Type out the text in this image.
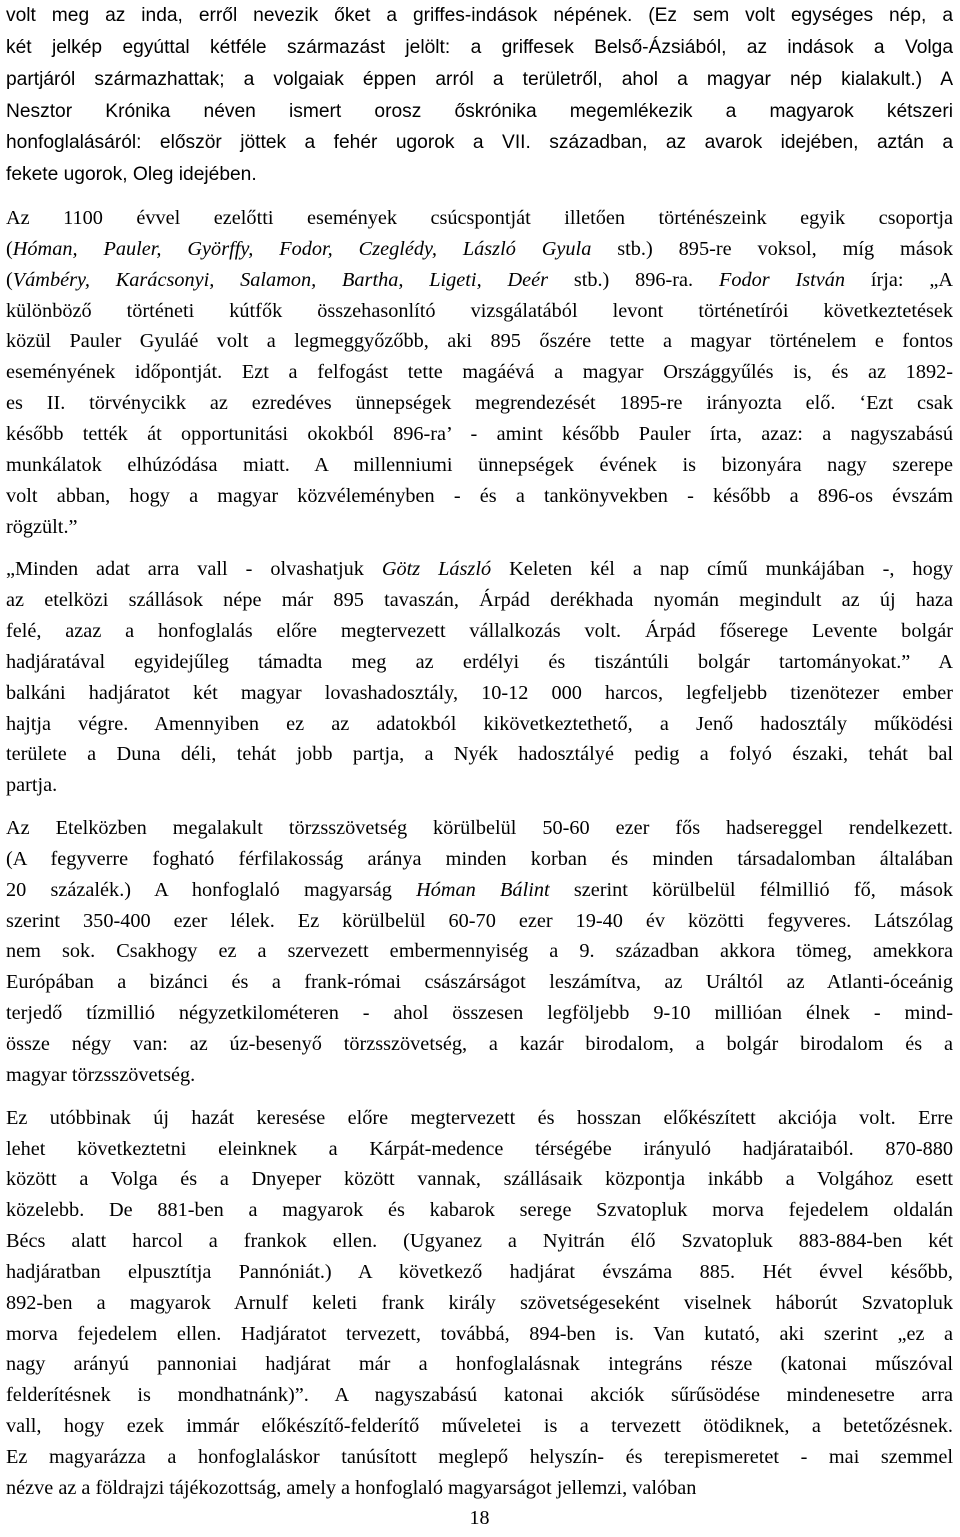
volt meg az inda, erről nevezik őket a griffes-indások népének. (Ez sem volt egységes nép, a
két jelkép egyúttal kétféle származást jelölt: a griffesek Belső-Ázsiából, az indások a Volga
partjáról származhattak; a volgaiak éppen arról a területről, ahol a magyar nép kialakult.) A
Nesztor Krónika néven ismert orosz őskrónika megemlékezik a magyarok kétszeri
honfoglalásáról: először jöttek a fehér ugorok a VII. században, az avarok idejében, aztán a
fekete ugorok, Oleg idejében.
Az 1100 évvel ezelőtti események csúcspontját illetően történészeink egyik csoportja
(Hóman, Pauler, Györffy, Fodor, Czeglédy, László Gyula stb.) 895-re voksol, míg mások
(Vámbéry, Karácsonyi, Salamon, Bartha, Ligeti, Deér stb.) 896-ra. Fodor István írja: „A
különböző történeti kútfők összehasonlító vizsgálatából levont történetírói következtetések
közül Pauler Gyuláé volt a legmeggyőzőbb, aki 895 őszére tette a magyar történelem e fontos
eseményének időpontját. Ezt a felfogást tette magáévá a magyar Országgyűlés is, és az 1892-
es II. törvénycikk az ezredéves ünnepségek megrendezését 1895-re irányozta elő. ‘Ezt csak
később tették át opportunitási okokból 896-ra’ - amint később Pauler írta, azaz: a nagyszabású
munkálatok elhúzódása miatt. A millenniumi ünnepségek évének is bizonyára nagy szerepe
volt abban, hogy a magyar közvéleményben - és a tankönyvekben - később a 896-os évszám
rögzült.”
„Minden adat arra vall - olvashatjuk Götz László Keleten kél a nap című munkájában -, hogy
az etelközi szállások népe már 895 tavaszán, Árpád derékhada nyomán megindult az új haza
felé, azaz a honfoglalás előre megtervezett vállalkozás volt. Árpád főserege Levente bolgár
hadjáratával egyidejűleg támadta meg az erdélyi és tiszántúli bolgár tartományokat.” A
balkáni hadjáratot két magyar lovashadosztály, 10-12 000 harcos, legfeljebb tizenötezer ember
hajtja végre. Amennyiben ez az adatokból kikövetkeztethető, a Jenő hadosztály működési
területe a Duna déli, tehát jobb partja, a Nyék hadosztályé pedig a folyó északi, tehát bal
partja.
Az Etelközben megalakult törzsszövetség körülbelül 50-60 ezer fős hadsereggel rendelkezett.
(A fegyverre fogható férfilakosság aránya minden korban és minden társadalomban általában
20 százalék.) A honfoglaló magyarság Hóman Bálint szerint körülbelül félmillió fő, mások
szerint 350-400 ezer lélek. Ez körülbelül 60-70 ezer 19-40 év közötti fegyveres. Látszólag
nem sok. Csakhogy ez a szervezett embermennyiség a 9. században akkora tömeg, amekkora
Európában a bizánci és a frank-római császárságot leszámítva, az Uráltól az Atlanti-óceánig
terjedő tízmillió négyzetkilométeren - ahol összesen legföljebb 9-10 millióan élnek - mind-
össze négy van: az úz-besenyő törzsszövetség, a kazár birodalom, a bolgár birodalom és a
magyar törzsszövetség.
Ez utóbbinak új hazát keresése előre megtervezett és hosszan előkészített akciója volt. Erre
lehet következtetni eleinknek a Kárpát-medence térségébe irányuló hadjárataiból. 870-880
között a Volga és a Dnyeper között vannak, szállásaik központja inkább a Volgához esett
közelebb. De 881-ben a magyarok és kabarok serege Szvatopluk morva fejedelem oldalán
Bécs alatt harcol a frankok ellen. (Ugyanez a Nyitrán élő Szvatopluk 883-884-ben két
hadjáratban elpusztítja Pannóniát.) A következő hadjárat évszáma 885. Hét évvel később,
892-ben a magyarok Arnulf keleti frank király szövetségeseként viselnek háborút Szvatopluk
morva fejedelem ellen. Hadjáratot tervezett, továbbá, 894-ben is. Van kutató, aki szerint „ez a
nagy arányú pannoniai hadjárat már a honfoglalásnak integráns része (katonai műszóval
felderítésnek is mondhatnánk)”. A nagyszabású katonai akciók sűrűsödése mindenesetre arra
vall, hogy ezek immár előkészítő-felderítő műveletei is a tervezett ötödiknek, a betetőzésnek.
Ez magyarázza a honfoglaláskor tanúsított meglepő helyszín- és terepismeretet - mai szemmel
nézve az a földrajzi tájékozottság, amely a honfoglaló magyarságot jellemzi, valóban
18
